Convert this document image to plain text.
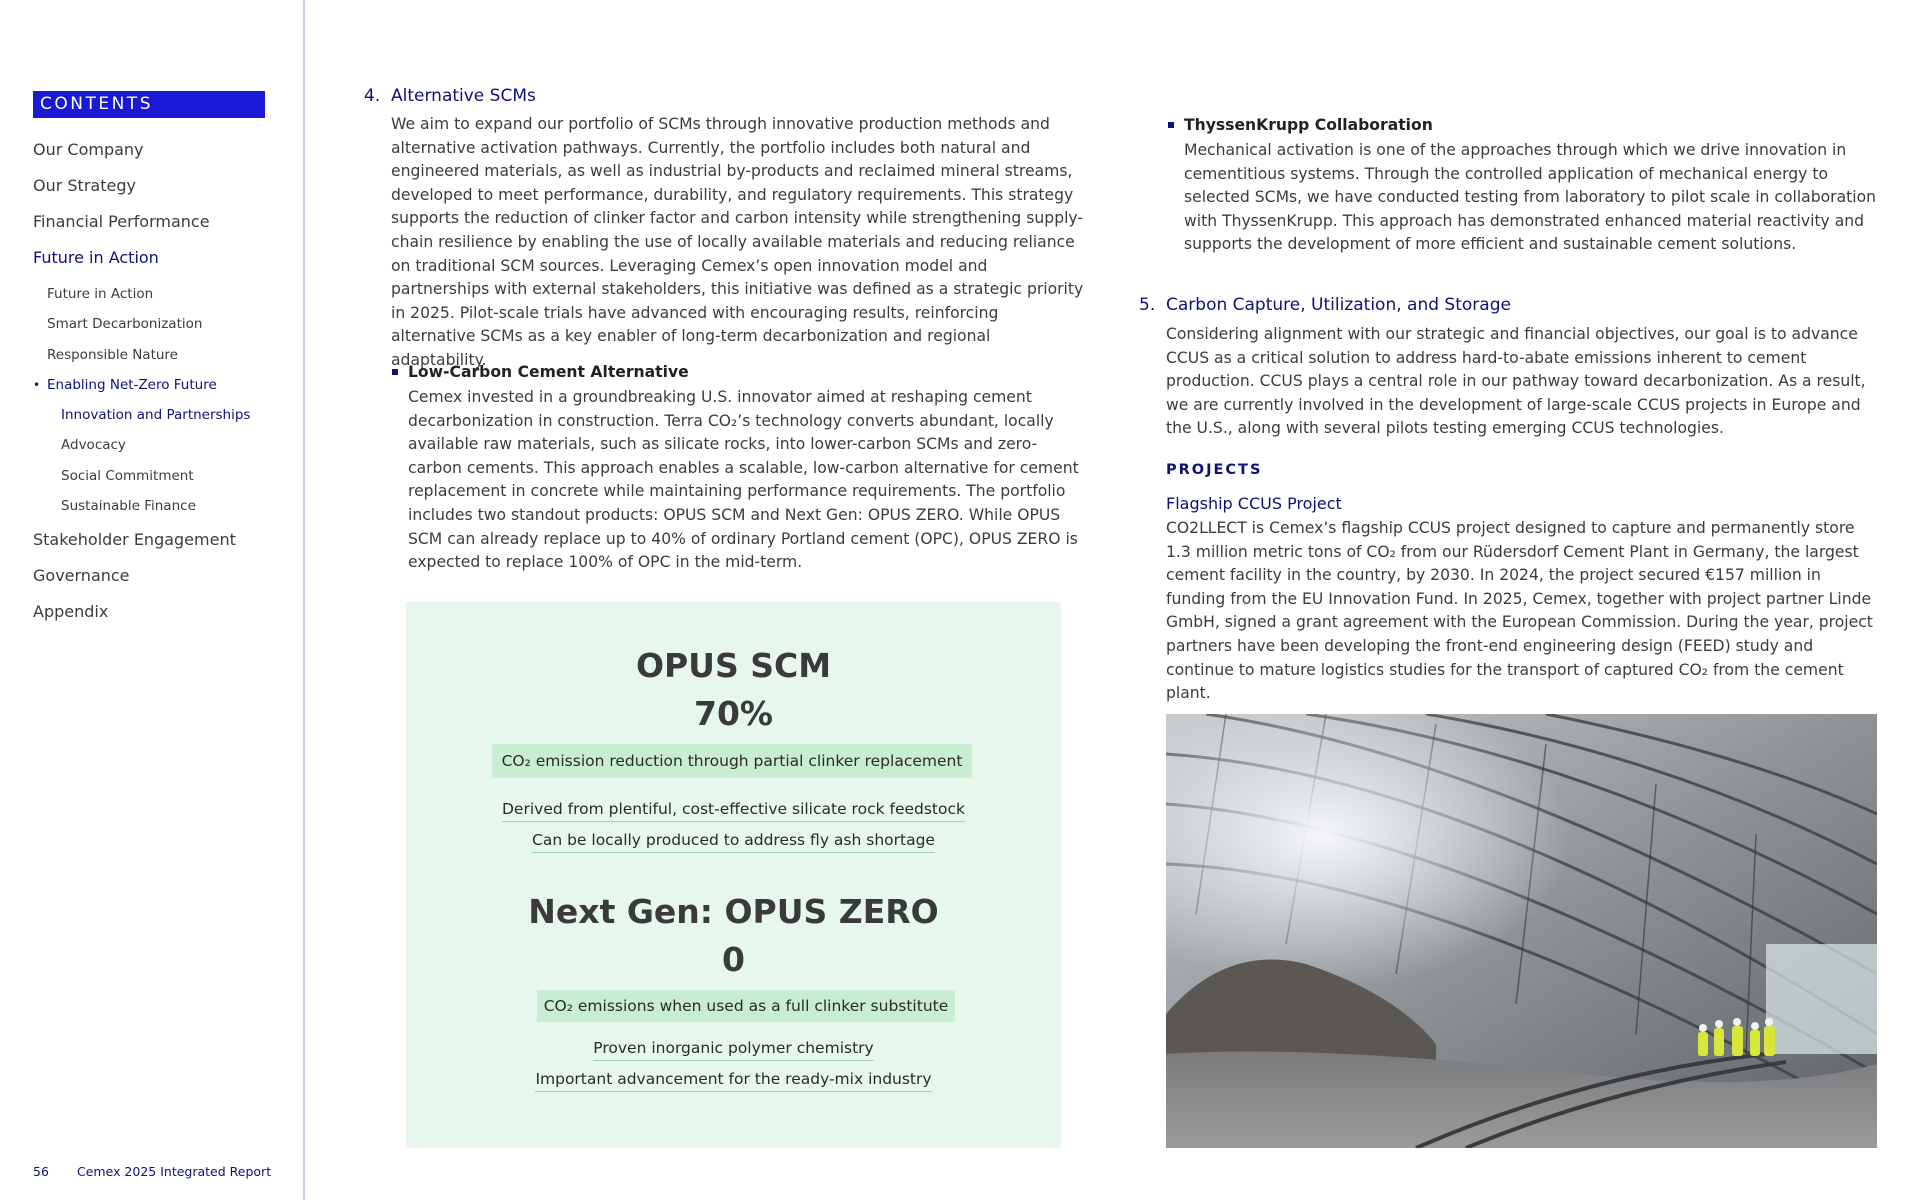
CONTENTS
Our Company
Our Strategy
Financial Performance
Future in Action
Future in Action
Smart Decarbonization
Responsible Nature
• Enabling Net-Zero Future
Innovation and Partnerships
Advocacy
Social Commitment
Sustainable Finance
Stakeholder Engagement
Governance
Appendix
56 Cemex 2025 Integrated Report
4. Alternative SCMs

We aim to expand our portfolio of SCMs through innovative production methods and alternative activation pathways. Currently, the portfolio includes both natural and engineered materials, as well as industrial by-products and reclaimed mineral streams, developed to meet performance, durability, and regulatory requirements. This strategy supports the reduction of clinker factor and carbon intensity while strengthening supply-chain resilience by enabling the use of locally available materials and reducing reliance on traditional SCM sources. Leveraging Cemex’s open innovation model and partnerships with external stakeholders, this initiative was defined as a strategic priority in 2025. Pilot-scale trials have advanced with encouraging results, reinforcing alternative SCMs as a key enabler of long-term decarbonization and regional adaptability.

Low-Carbon Cement Alternative

Cemex invested in a groundbreaking U.S. innovator aimed at reshaping cement decarbonization in construction. Terra CO₂’s technology converts abundant, locally available raw materials, such as silicate rocks, into lower-carbon SCMs and zero-carbon cements. This approach enables a scalable, low-carbon alternative for cement replacement in concrete while maintaining performance requirements. The portfolio includes two standout products: OPUS SCM and Next Gen: OPUS ZERO. While OPUS SCM can already replace up to 40% of ordinary Portland cement (OPC), OPUS ZERO is expected to replace 100% of OPC in the mid-term.

OPUS SCM
70%
CO₂ emission reduction through partial clinker replacement
Derived from plentiful, cost-effective silicate rock feedstock
Can be locally produced to address fly ash shortage
Next Gen: OPUS ZERO
0
CO₂ emissions when used as a full clinker substitute
Proven inorganic polymer chemistry
Important advancement for the ready-mix industry
ThyssenKrupp Collaboration

Mechanical activation is one of the approaches through which we drive innovation in cementitious systems. Through the controlled application of mechanical energy to selected SCMs, we have conducted testing from laboratory to pilot scale in collaboration with ThyssenKrupp. This approach has demonstrated enhanced material reactivity and supports the development of more efficient and sustainable cement solutions.

5. Carbon Capture, Utilization, and Storage

Considering alignment with our strategic and financial objectives, our goal is to advance CCUS as a critical solution to address hard-to-abate emissions inherent to cement production. CCUS plays a central role in our pathway toward decarbonization. As a result, we are currently involved in the development of large-scale CCUS projects in Europe and the U.S., along with several pilots testing emerging CCUS technologies.

PROJECTS
Flagship CCUS Project

CO2LLECT is Cemex’s flagship CCUS project designed to capture and permanently store 1.3 million metric tons of CO₂ from our Rüdersdorf Cement Plant in Germany, the largest cement facility in the country, by 2030. In 2024, the project secured €157 million in funding from the EU Innovation Fund. In 2025, Cemex, together with project partner Linde GmbH, signed a grant agreement with the European Commission. During the year, project partners have been developing the front-end engineering design (FEED) study and continue to mature logistics studies for the transport of captured CO₂ from the cement plant.
